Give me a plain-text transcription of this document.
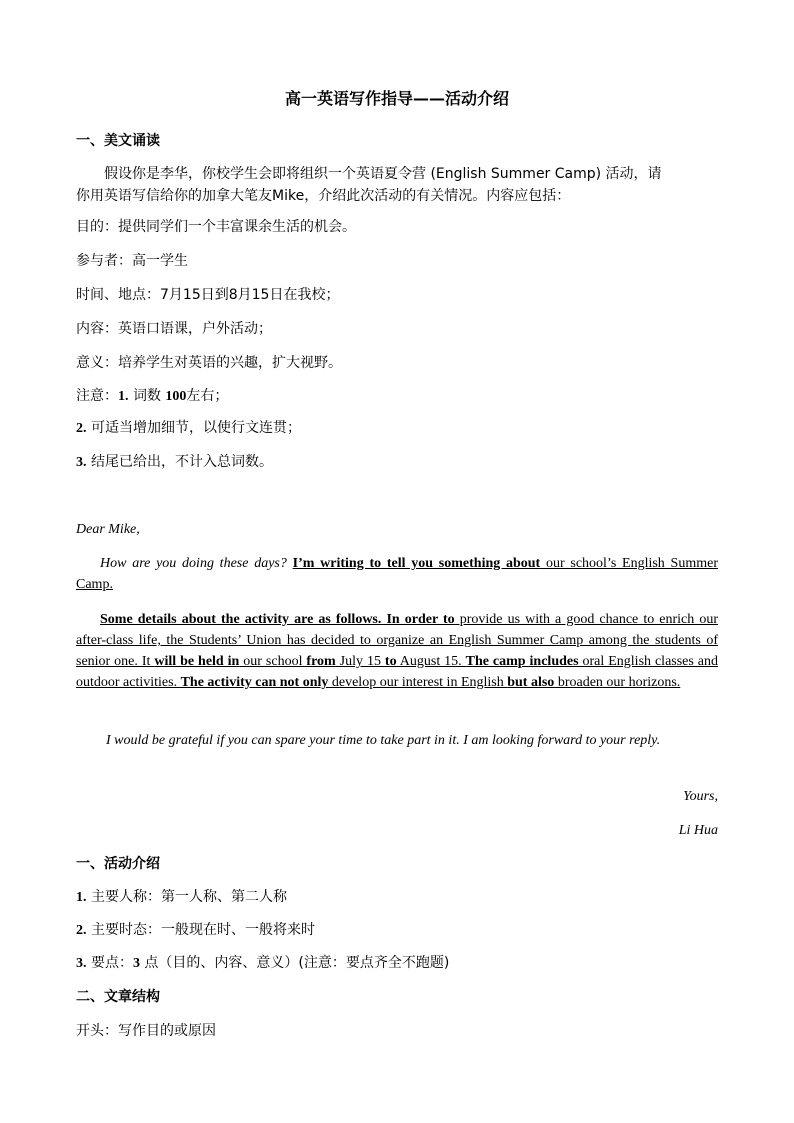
高一英语写作指导——活动介绍
一、美文诵读
假设你是李华，你校学生会即将组织一个英语夏令营 (English Summer Camp) 活动，请
你用英语写信给你的加拿大笔友Mike，介绍此次活动的有关情况。内容应包括：
目的：提供同学们一个丰富课余生活的机会。
参与者：高一学生
时间、地点：7月15日到8月15日在我校；
内容：英语口语课，户外活动；
意义：培养学生对英语的兴趣，扩大视野。
注意：1. 词数 100左右；
2. 可适当增加细节，以使行文连贯；
3. 结尾已给出，不计入总词数。
Dear Mike,
How are you doing these days? I’m writing to tell you something about our school’s English Summer Camp.
Some details about the activity are as follows. In order to provide us with a good chance to enrich our after-class life, the Students’ Union has decided to organize an English Summer Camp among the students of senior one. It will be held in our school from July 15 to August 15. The camp includes oral English classes and outdoor activities. The activity can not only develop our interest in English but also broaden our horizons.
I would be grateful if you can spare your time to take part in it. I am looking forward to your reply.
Yours,
Li Hua
一、活动介绍
1. 主要人称：第一人称、第二人称
2. 主要时态：一般现在时、一般将来时
3. 要点：3 点（目的、内容、意义）(注意：要点齐全不跑题)
二、文章结构
开头：写作目的或原因
